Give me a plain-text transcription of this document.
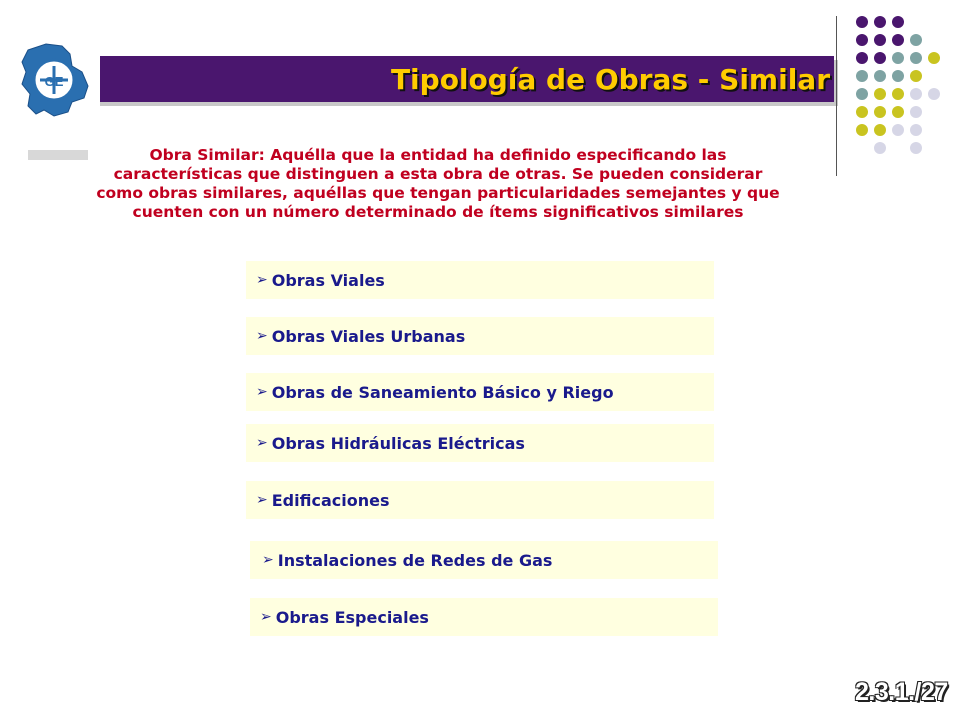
GE	Tipología de Obras - Similar
Obra Similar: Aquélla que la entidad ha definido especificando las características que distinguen a esta obra de otras. Se pueden considerar como obras similares, aquéllas que tengan particularidades semejantes y que cuenten con un número determinado de ítems significativos similares
➢ Obras Viales
➢ Obras Viales Urbanas
➢ Obras de Saneamiento Básico y Riego
➢ Obras Hidráulicas Eléctricas
➢ Edificaciones
➢ Instalaciones de Redes de Gas
➢ Obras Especiales
2.3.1./27
